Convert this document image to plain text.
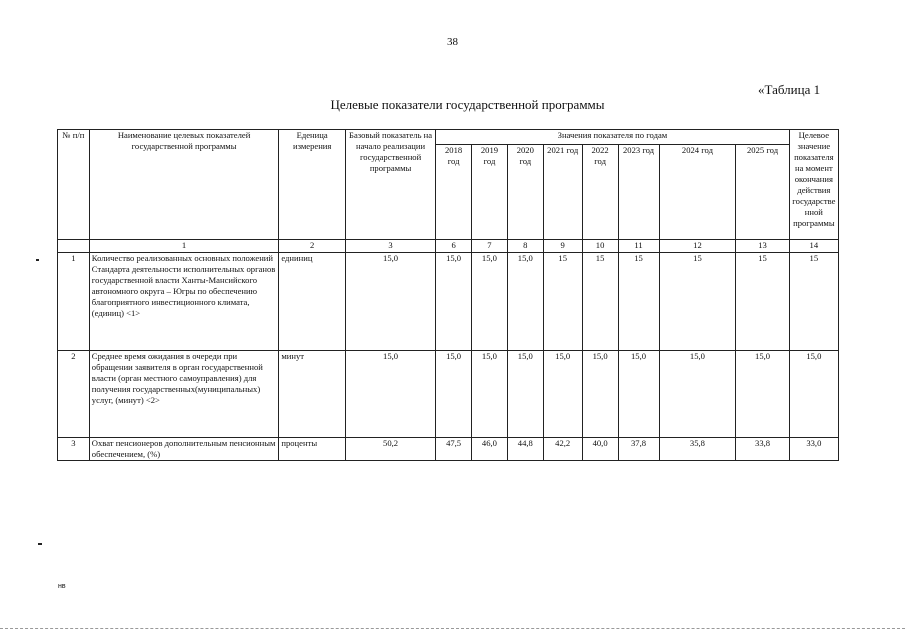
38
«Таблица 1
Целевые показатели государственной программы
№ п/п	Наименование целевых показателей государственной программы	Еденица измерения	Базовый показатель на начало реализации государственной программы	Значения показателя по годам								Целевое значение показателя на момент окончания действия государстве нной программы
				2018 год	2019 год	2020 год	2021 год	2022 год	2023 год	2024 год	2025 год	
	1	2	3	6	7	8	9	10	11	12	13	14
1	Количество реализованных основных положений Стандарта деятельности исполнительных органов государственной власти Ханты-Мансийского автономного округа – Югры по обеспечению благоприятного инвестиционного климата, (единиц) <1>	едниниц	15,0	15,0	15,0	15,0	15	15	15	15	15	15
2	Среднее время ожидания в очереди при обращении заявителя в орган государственной власти (орган местного самоуправления) для получения государственных(муниципальных) услуг, (минут) <2>	минут	15,0	15,0	15,0	15,0	15,0	15,0	15,0	15,0	15,0	15,0
3	Охват пенсионеров дополнительным пенсионным обеспечением, (%)	проценты	50,2	47,5	46,0	44,8	42,2	40,0	37,8	35,8	33,8	33,0
нв
